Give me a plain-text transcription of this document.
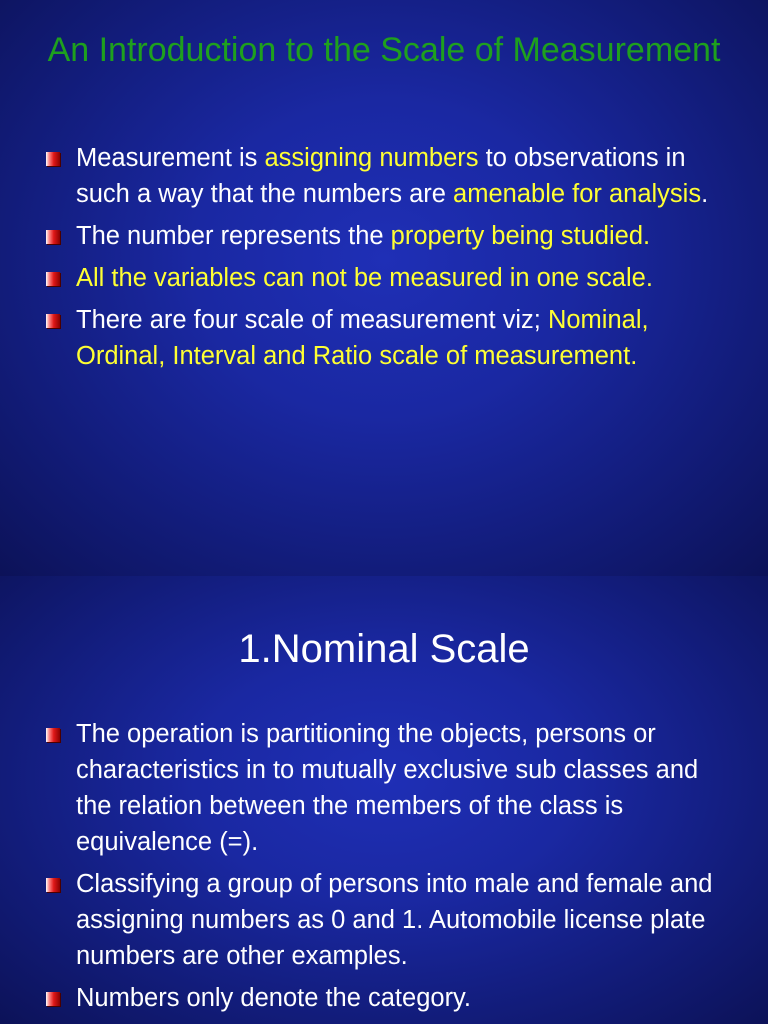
An Introduction to the Scale of Measurement
Measurement is assigning numbers to observations in such a way that the numbers are amenable for analysis.
The number represents the property being studied.
All the variables can not be measured in one scale.
There are four scale of measurement viz; Nominal, Ordinal, Interval and Ratio scale of measurement.
1.Nominal Scale
The operation is partitioning the objects, persons or characteristics in to mutually exclusive sub classes and the relation between the members of the class is equivalence (=).
Classifying a group of persons into male and female and assigning numbers as 0 and 1. Automobile license plate numbers are other examples.
Numbers only denote the category.
